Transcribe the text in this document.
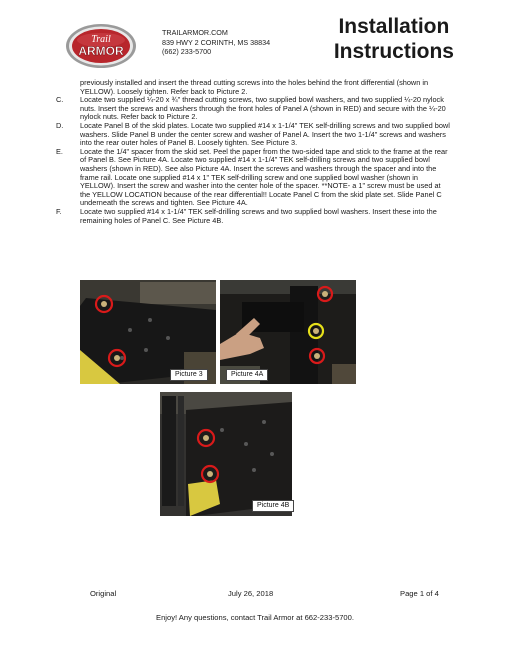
Trail
ARMOR
TRAILARMOR.COM
839 HWY 2 CORINTH, MS 38834
(662) 233-5700
Installation
Instructions

previously installed and insert the thread cutting screws into the holes behind the front differential (shown in YELLOW). Loosely tighten. Refer back to Picture 2.

C.	Locate two supplied ¼-20 x ¾" thread cutting screws, two supplied bowl washers, and two supplied ¼-20 nylock nuts. Insert the screws and washers through the front holes of Panel A (shown in RED) and secure with the ¼-20 nylock nuts. Refer back to Picture 2.

D.	Locate Panel B of the skid plates. Locate two supplied #14 x 1-1/4" TEK self-drilling screws and two supplied bowl washers. Slide Panel B under the center screw and washer of Panel A. Insert the two 1-1/4" screws and washers into the rear outer holes of Panel B. Loosely tighten. See Picture 3.

E.	Locate the 1/4" spacer from the skid set. Peel the paper from the two-sided tape and stick to the frame at the rear of Panel B. See Picture 4A. Locate two supplied #14 x 1-1/4" TEK self-drilling screws and two supplied bowl washers (shown in RED). See also Picture 4A. Insert the screws and washers through the spacer and into the frame rail. Locate one supplied #14 x 1" TEK self-drilling screw and one supplied bowl washer (shown in YELLOW). Insert the screw and washer into the center hole of the spacer. **NOTE- a 1" screw must be used at the YELLOW LOCATION because of the rear differential!! Locate Panel C from the skid plate set. Slide Panel C underneath the screws and tighten. See Picture 4A.

F.	Locate two supplied #14 x 1-1/4" TEK self-drilling screws and two supplied bowl washers. Insert these into the remaining holes of Panel C. See Picture 4B.

Picture 3	Picture 4A
Picture 4B
Original	July 26, 2018	Page 1 of 4
Enjoy! Any questions, contact Trail Armor at 662-233-5700.
